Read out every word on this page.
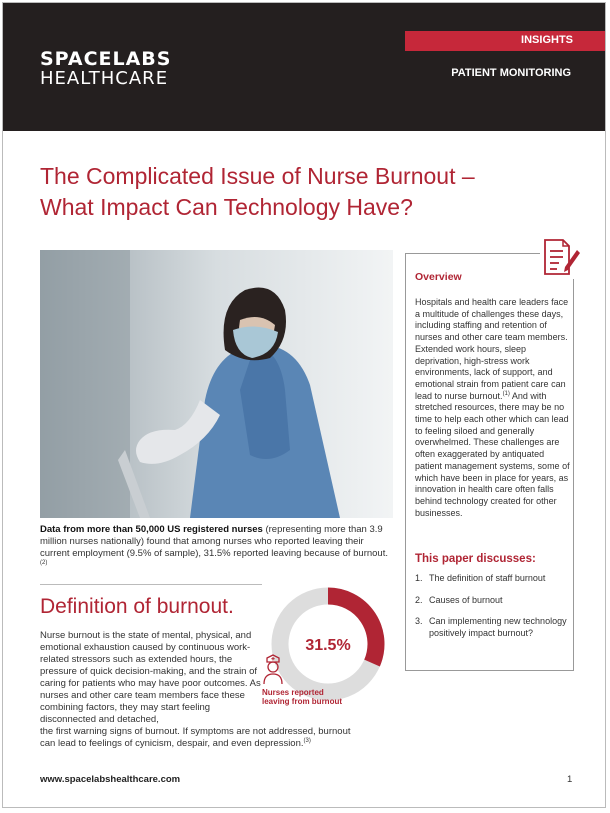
SPACELABS
HEALTHCARE
INSIGHTS
PATIENT MONITORING
The Complicated Issue of Nurse Burnout –
What Impact Can Technology Have?

Data from more than 50,000 US registered nurses (representing more than 3.9 million nurses nationally) found that among nurses who reported leaving their current employment (9.5% of sample), 31.5% reported leaving because of burnout.$^{(2)}$

Definition of burnout.

Nurse burnout is the state of mental, physical, and emotional exhaustion caused by continuous work-related stressors such as extended hours, the pressure of quick decision-making, and the strain of caring for patients who may have poor outcomes. As nurses and other care team members face these combining factors, they may start feeling disconnected and detached,
the first warning signs of burnout. If symptoms are not addressed, burnout can lead to feelings of cynicism, despair, and even depression.$^{(3)}$

31.5%

Nurses reported leaving from burnout

Overview

Hospitals and health care leaders face a multitude of challenges these days, including staffing and retention of nurses and other care team members. Extended work hours, sleep deprivation, high-stress work environments, lack of support, and emotional strain from patient care can lead to nurse burnout.$^{(1)}$ And with stretched resources, there may be no time to help each other which can lead to feeling siloed and generally overwhelmed. These challenges are often exaggerated by antiquated patient management systems, some of which have been in place for years, as innovation in health care often falls behind technology created for other businesses.

This paper discusses:
1. The definition of staff burnout
2. Causes of burnout
3. Can implementing new technology positively impact burnout?

www.spacelabshealthcare.com	1
